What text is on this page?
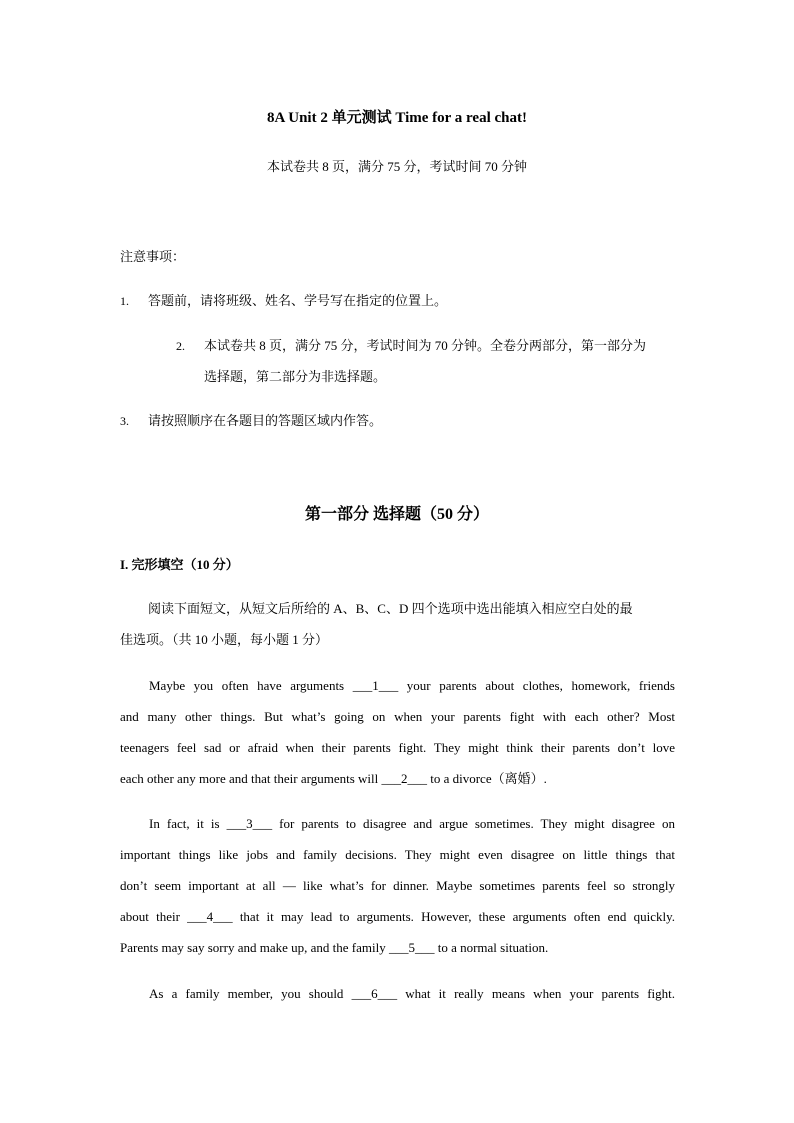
8A Unit 2 单元测试 Time for a real chat!
本试卷共 8 页，满分 75 分，考试时间 70 分钟
注意事项：
1. 答题前，请将班级、姓名、学号写在指定的位置上。
2. 本试卷共 8 页，满分 75 分，考试时间为 70 分钟。全卷分两部分，第一部分为
选择题，第二部分为非选择题。
3. 请按照顺序在各题目的答题区域内作答。
第一部分 选择题（50 分）
I. 完形填空（10 分）
阅读下面短文，从短文后所给的 A、B、C、D 四个选项中选出能填入相应空白处的最
佳选项。（共 10 小题，每小题 1 分）
Maybe you often have arguments ___1___ your parents about clothes, homework, friends
and many other things. But what’s going on when your parents fight with each other? Most
teenagers feel sad or afraid when their parents fight. They might think their parents don’t love
each other any more and that their arguments will ___2___ to a divorce（离婚）.
In fact, it is ___3___ for parents to disagree and argue sometimes. They might disagree on
important things like jobs and family decisions. They might even disagree on little things that
don’t seem important at all — like what’s for dinner. Maybe sometimes parents feel so strongly
about their ___4___ that it may lead to arguments. However, these arguments often end quickly.
Parents may say sorry and make up, and the family ___5___ to a normal situation.
As a family member, you should ___6___ what it really means when your parents fight.
